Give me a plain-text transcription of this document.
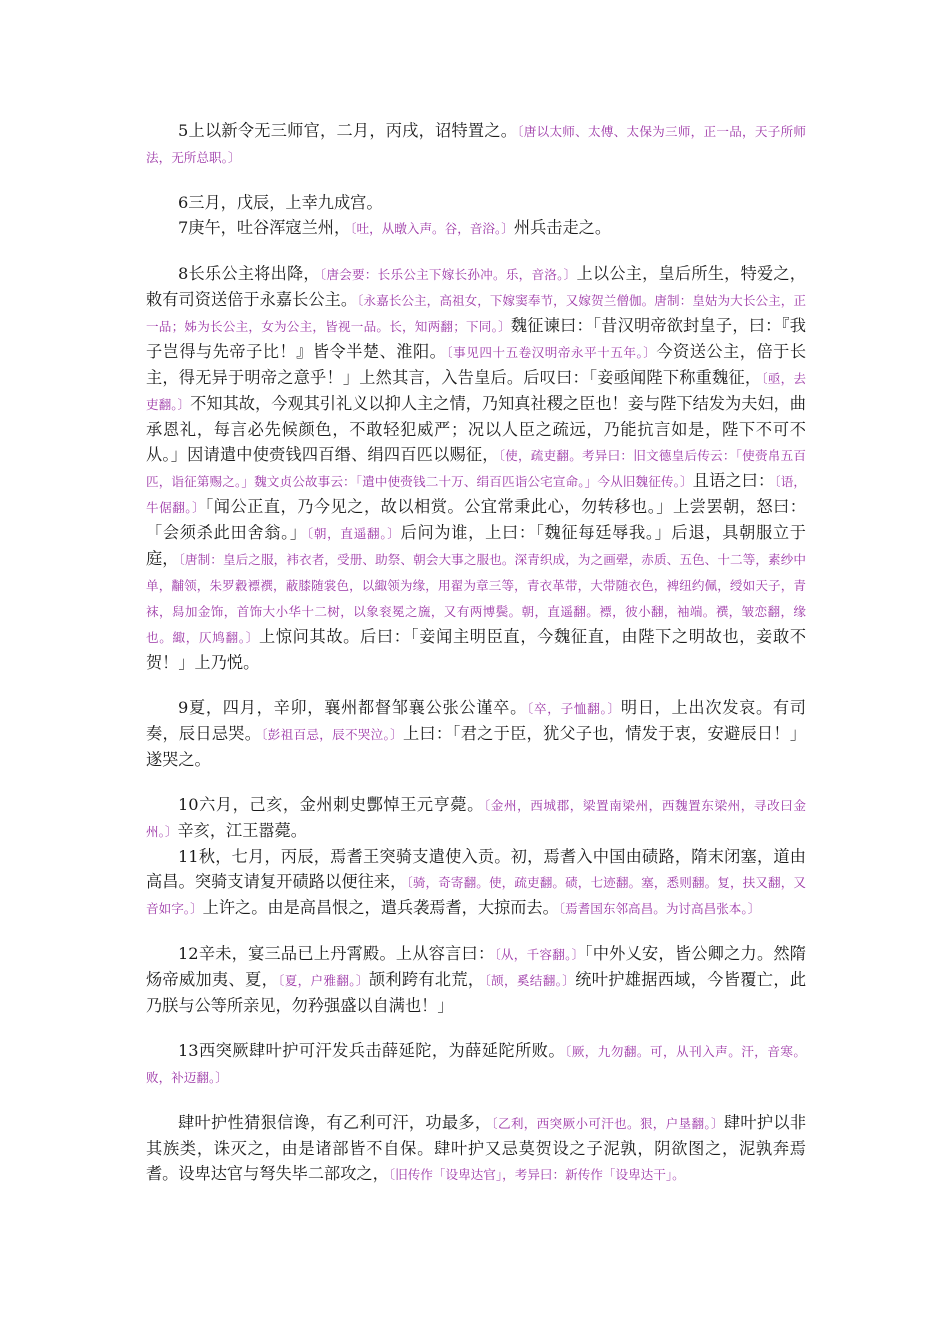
5上以新令无三师官，二月，丙戌，诏特置之。〔唐以太师、太傅、太保为三师，正一品，天子所师法，无所总职。〕

6三月，戊辰，上幸九成宫。

7庚午，吐谷浑寇兰州，〔吐，从暾入声。谷，音浴。〕州兵击走之。

8长乐公主将出降，〔唐会要：长乐公主下嫁长孙冲。乐，音洛。〕上以公主，皇后所生，特爱之，敕有司资送倍于永嘉长公主。〔永嘉长公主，高祖女，下嫁窦奉节，又嫁贺兰僧伽。唐制：皇姑为大长公主，正一品；姊为长公主，女为公主，皆视一品。长，知两翻；下同。〕魏征谏曰：「昔汉明帝欲封皇子，曰：『我子岂得与先帝子比！』皆令半楚、淮阳。〔事见四十五卷汉明帝永平十五年。〕今资送公主，倍于长主，得无异于明帝之意乎！」上然其言，入告皇后。后叹曰：「妾亟闻陛下称重魏征，〔亟，去吏翻。〕不知其故，今观其引礼义以抑人主之情，乃知真社稷之臣也！妾与陛下结发为夫妇，曲承恩礼，每言必先候颜色，不敢轻犯威严；况以人臣之疏远，乃能抗言如是，陛下不可不从。」因请遣中使赍钱四百缗、绢四百匹以赐征，〔使，疏吏翻。考异曰：旧文德皇后传云：「使赍帛五百匹，诣征第赐之。」魏文贞公故事云：「遣中使赍钱二十万、绢百匹诣公宅宣命。」今从旧魏征传。〕且语之曰：〔语，牛倨翻。〕「闻公正直，乃今见之，故以相赏。公宜常秉此心，勿转移也。」上尝罢朝，怒曰：「会须杀此田舍翁。」〔朝，直遥翻。〕后问为谁，上曰：「魏征每廷辱我。」后退，具朝服立于庭，〔唐制：皇后之服，袆衣者，受册、助祭、朝会大事之服也。深青织成，为之画翚，赤质、五色、十二等，素纱中单，黼领，朱罗縠褾襈，蔽膝随裳色，以緅领为缘，用翟为章三等，青衣革带，大带随衣色，裨纽约佩，绶如天子，青袜，舄加金饰，首饰大小华十二树，以象衮冕之旒，又有两博鬓。朝，直遥翻。褾，彼小翻，袖端。襈，皱恋翻，缘也。緅，仄鸠翻。〕上惊问其故。后曰：「妾闻主明臣直，今魏征直，由陛下之明故也，妾敢不贺！」上乃悦。

9夏，四月，辛卯，襄州都督邹襄公张公谨卒。〔卒，子恤翻。〕明日，上出次发哀。有司奏，辰日忌哭。〔彭祖百忌，辰不哭泣。〕上曰：「君之于臣，犹父子也，情发于衷，安避辰日！」遂哭之。

10六月，己亥，金州刺史酆悼王元亨薨。〔金州，西城郡，梁置南梁州，西魏置东梁州，寻改曰金州。〕辛亥，江王嚣薨。

11秋，七月，丙辰，焉耆王突骑支遣使入贡。初，焉耆入中国由碛路，隋末闭塞，道由高昌。突骑支请复开碛路以便往来，〔骑，奇寄翻。使，疏吏翻。碛，七迹翻。塞，悉则翻。复，扶又翻，又音如字。〕上许之。由是高昌恨之，遣兵袭焉耆，大掠而去。〔焉耆国东邻高昌。为讨高昌张本。〕

12辛未，宴三品已上丹霄殿。上从容言曰：〔从，千容翻。〕「中外乂安，皆公卿之力。然隋炀帝威加夷、夏，〔夏，户雅翻。〕颉利跨有北荒，〔颉，奚结翻。〕统叶护雄据西域，今皆覆亡，此乃朕与公等所亲见，勿矜强盛以自满也！」

13西突厥肆叶护可汗发兵击薛延陀，为薛延陀所败。〔厥，九勿翻。可，从刊入声。汗，音寒。败，补迈翻。〕

肆叶护性猜狠信谗，有乙利可汗，功最多，〔乙利，西突厥小可汗也。狠，户垦翻。〕肆叶护以非其族类，诛灭之，由是诸部皆不自保。肆叶护又忌莫贺设之子泥孰，阴欲图之，泥孰奔焉耆。设卑达官与弩失毕二部攻之，〔旧传作「设卑达官」，考异曰：新传作「设卑达干」。
